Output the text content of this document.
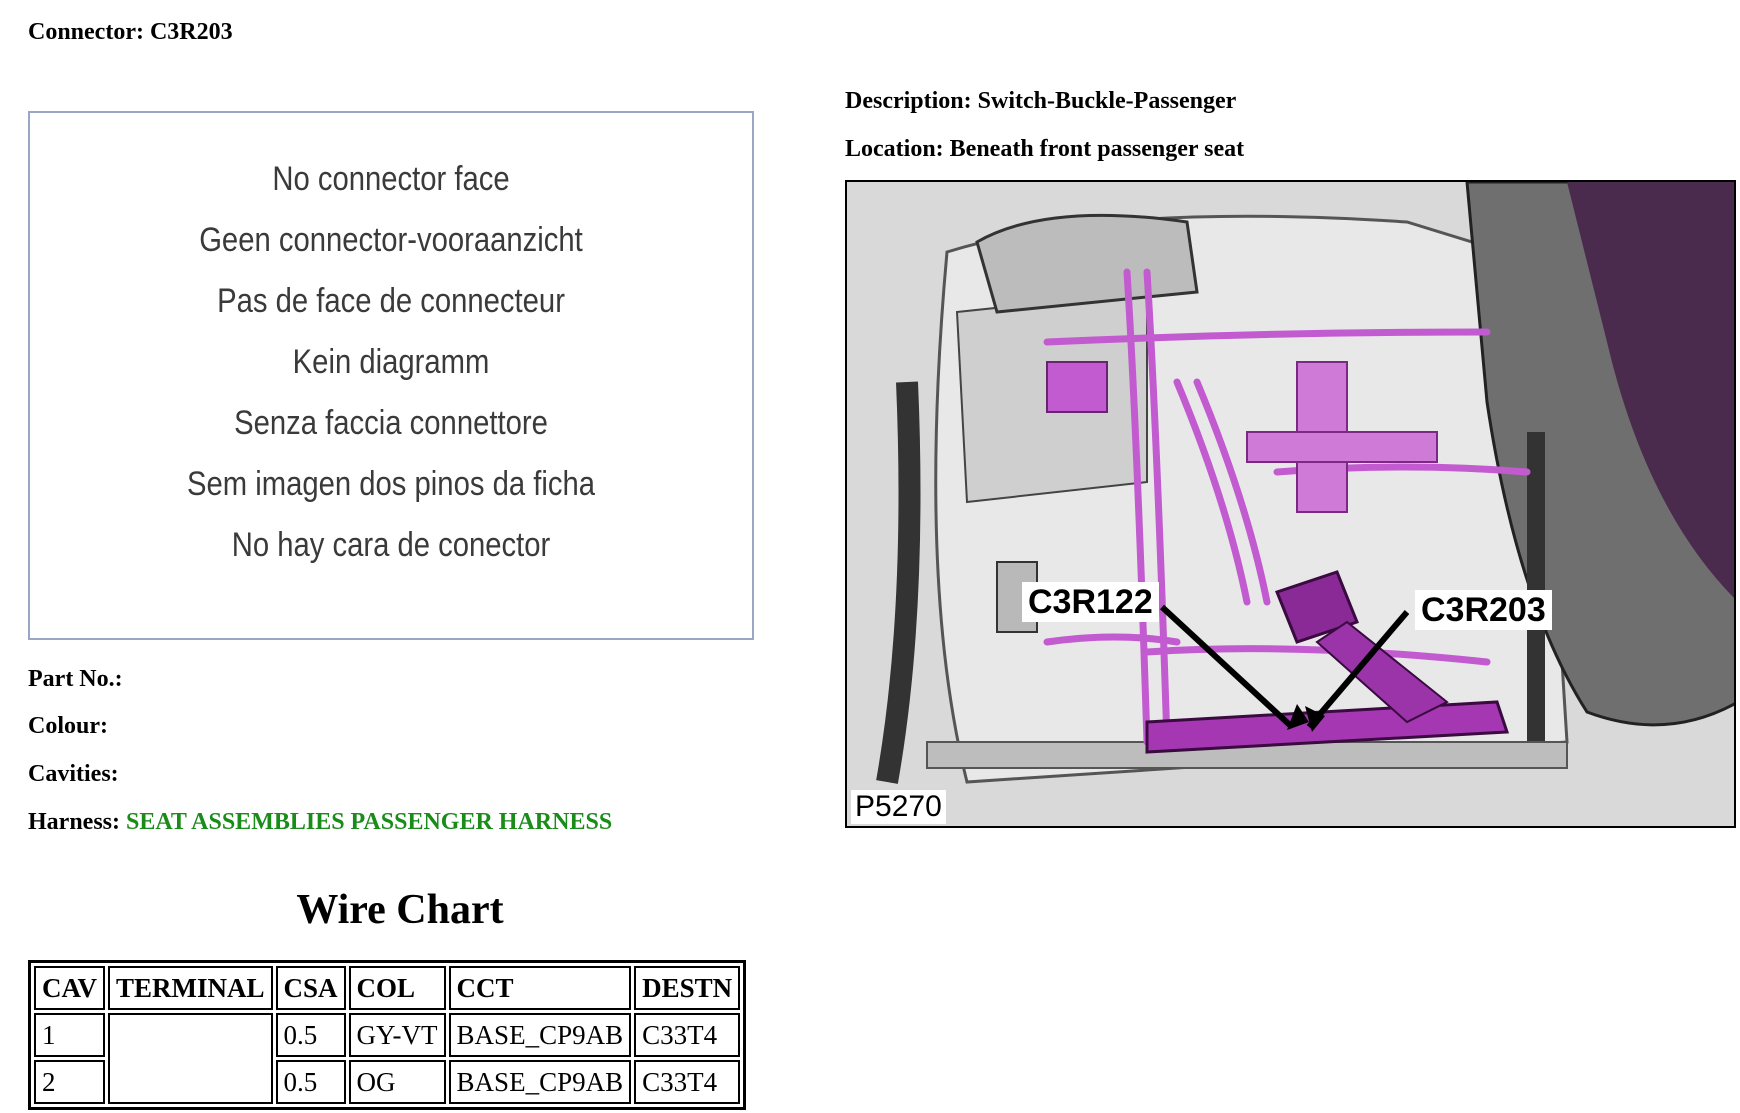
Connector: C3R203
No connector face
Geen connector-vooraanzicht
Pas de face de connecteur
Kein diagramm
Senza faccia connettore
Sem imagen dos pinos da ficha
No hay cara de conector
Part No.:
Colour:
Cavities:
Harness: SEAT ASSEMBLIES PASSENGER HARNESS
Wire Chart
CAV	TERMINAL	CSA	COL	CCT	DESTN
1		0.5	GY-VT	BASE_CP9AB	C33T4
2		0.5	OG	BASE_CP9AB	C33T4
Description: Switch-Buckle-Passenger
Location: Beneath front passenger seat
C3R122	C3R203
P5270
